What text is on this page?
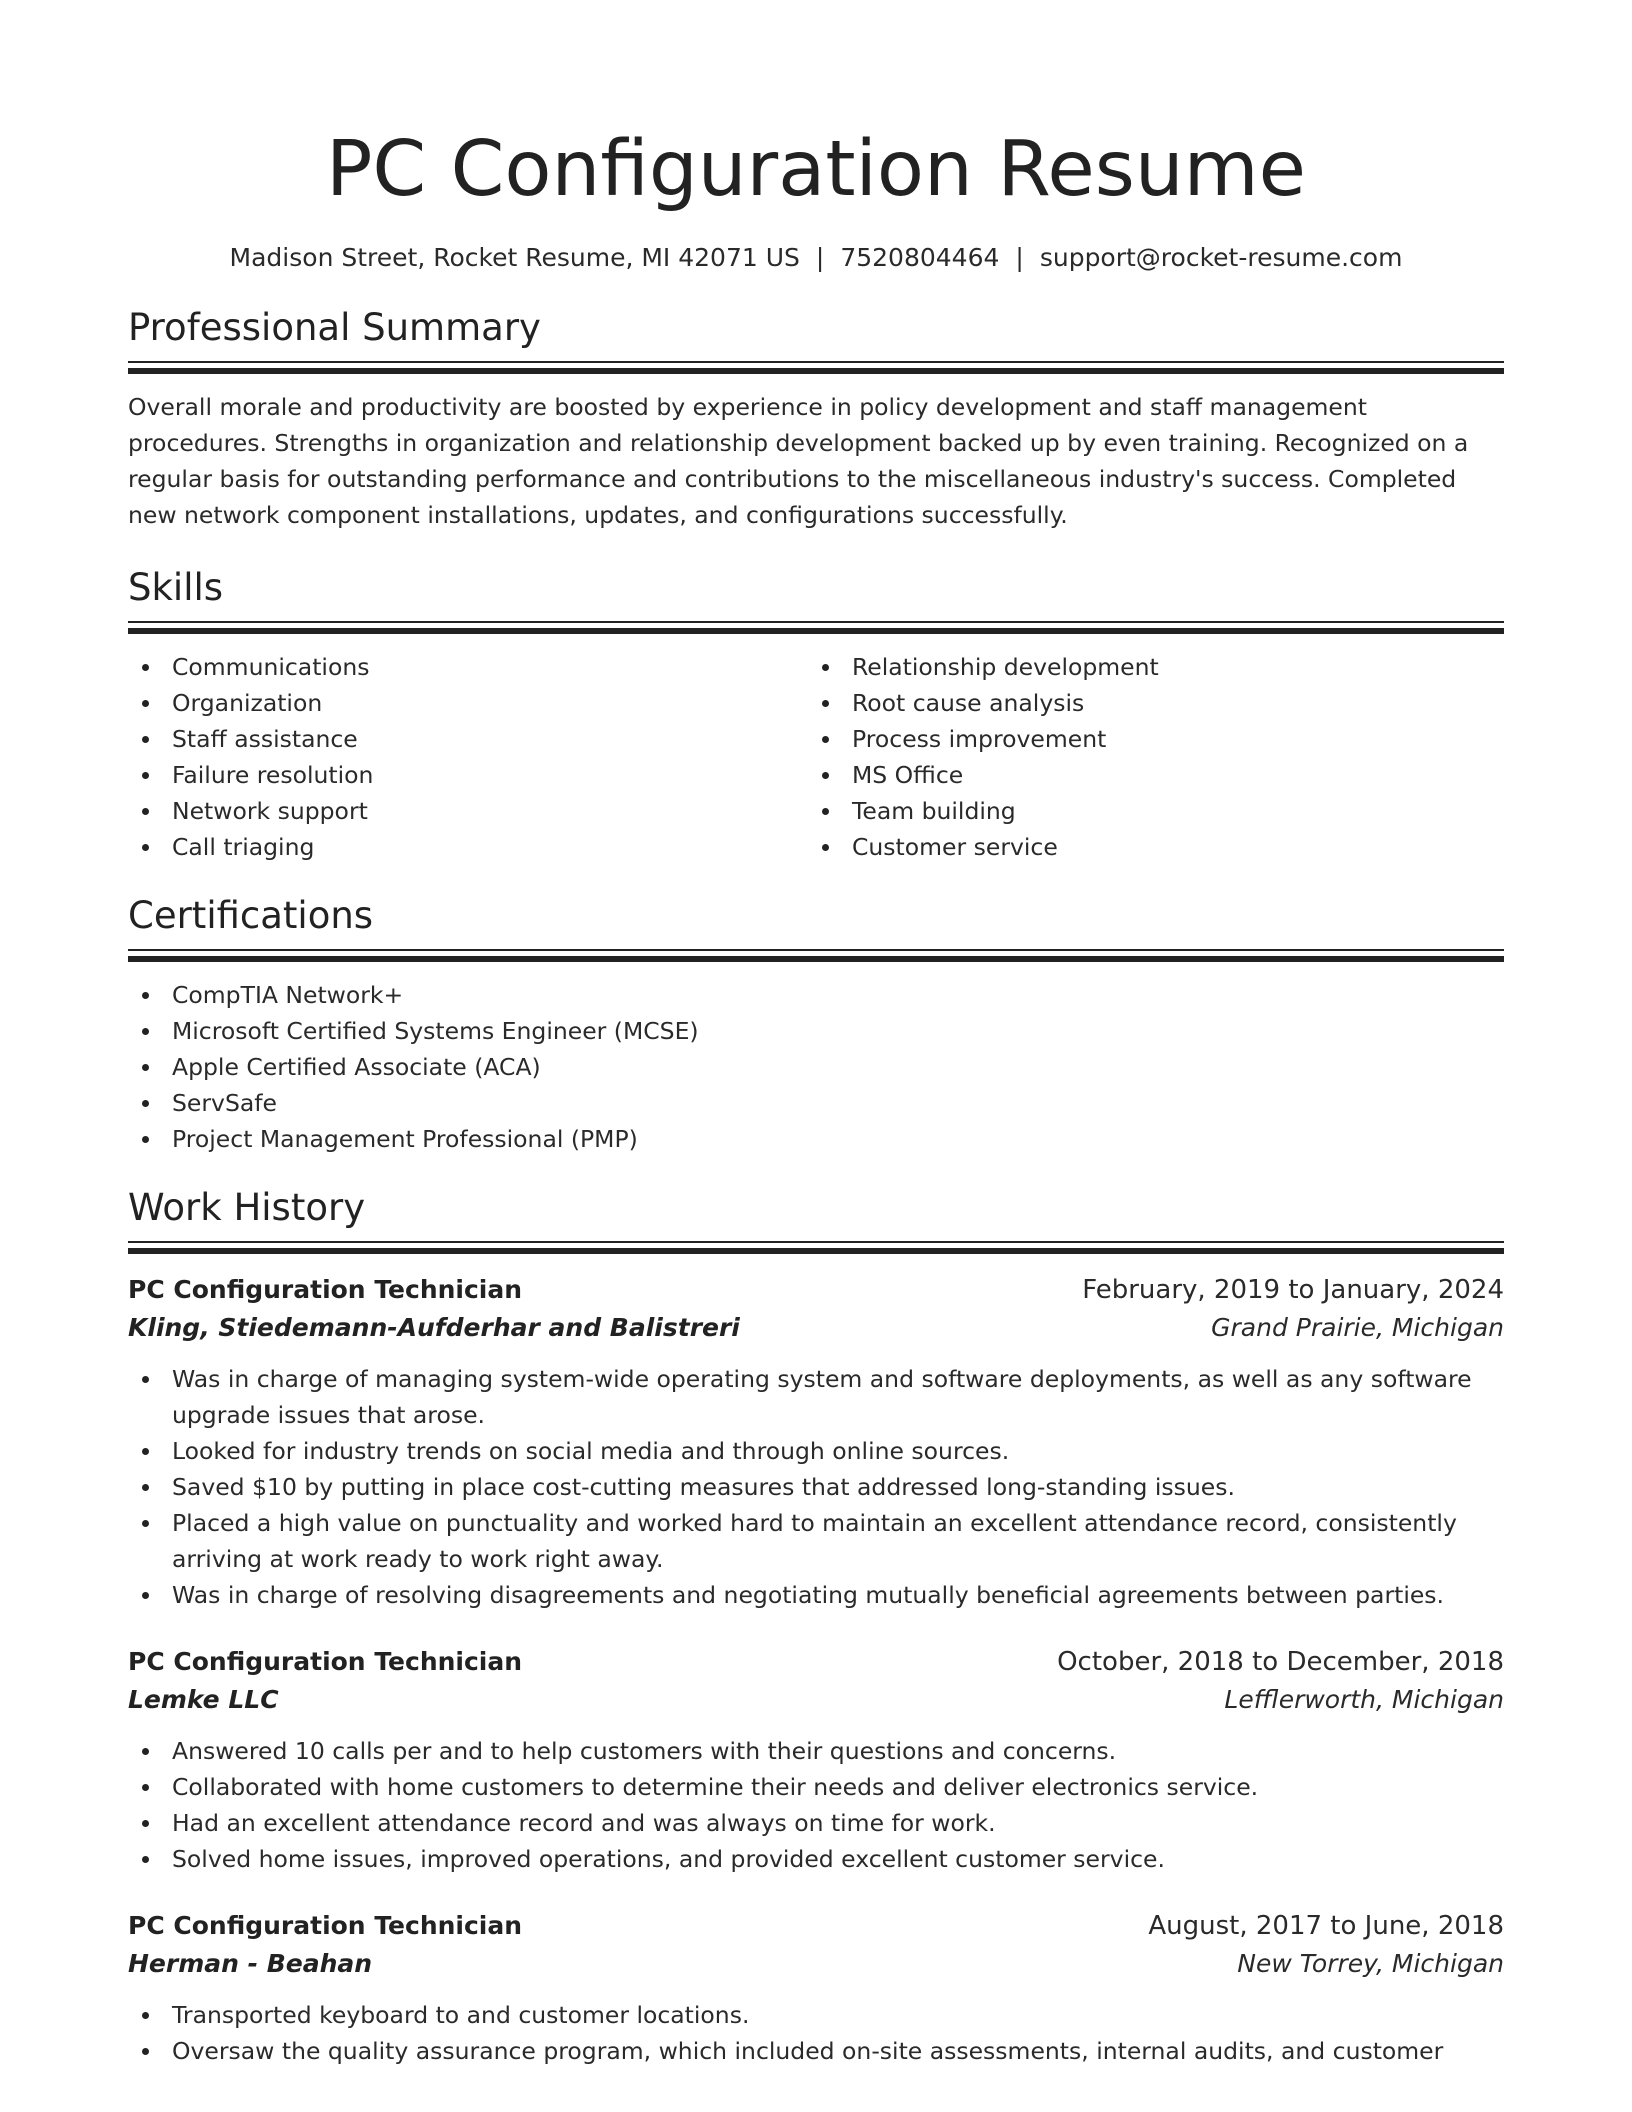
PC Configuration Resume
Madison Street, Rocket Resume, MI 42071 US | 7520804464 | support@rocket-resume.com
Professional Summary

Overall morale and productivity are boosted by experience in policy development and staff management procedures. Strengths in organization and relationship development backed up by even training. Recognized on a regular basis for outstanding performance and contributions to the miscellaneous industry's success. Completed new network component installations, updates, and configurations successfully.

Skills
Communications
Organization
Staff assistance
Failure resolution
Network support
Call triaging
Relationship development
Root cause analysis
Process improvement
MS Office
Team building
Customer service
Certifications
CompTIA Network+
Microsoft Certified Systems Engineer (MCSE)
Apple Certified Associate (ACA)
ServSafe
Project Management Professional (PMP)
Work History
PC Configuration Technician	February, 2019 to January, 2024
Kling, Stiedemann-Aufderhar and Balistreri	Grand Prairie, Michigan
Was in charge of managing system-wide operating system and software deployments, as well as any software upgrade issues that arose.
Looked for industry trends on social media and through online sources.
Saved $10 by putting in place cost-cutting measures that addressed long-standing issues.
Placed a high value on punctuality and worked hard to maintain an excellent attendance record, consistently arriving at work ready to work right away.
Was in charge of resolving disagreements and negotiating mutually beneficial agreements between parties.
PC Configuration Technician	October, 2018 to December, 2018
Lemke LLC	Lefflerworth, Michigan
Answered 10 calls per and to help customers with their questions and concerns.
Collaborated with home customers to determine their needs and deliver electronics service.
Had an excellent attendance record and was always on time for work.
Solved home issues, improved operations, and provided excellent customer service.
PC Configuration Technician	August, 2017 to June, 2018
Herman - Beahan	New Torrey, Michigan
Transported keyboard to and customer locations.
Oversaw the quality assurance program, which included on-site assessments, internal audits, and customer
